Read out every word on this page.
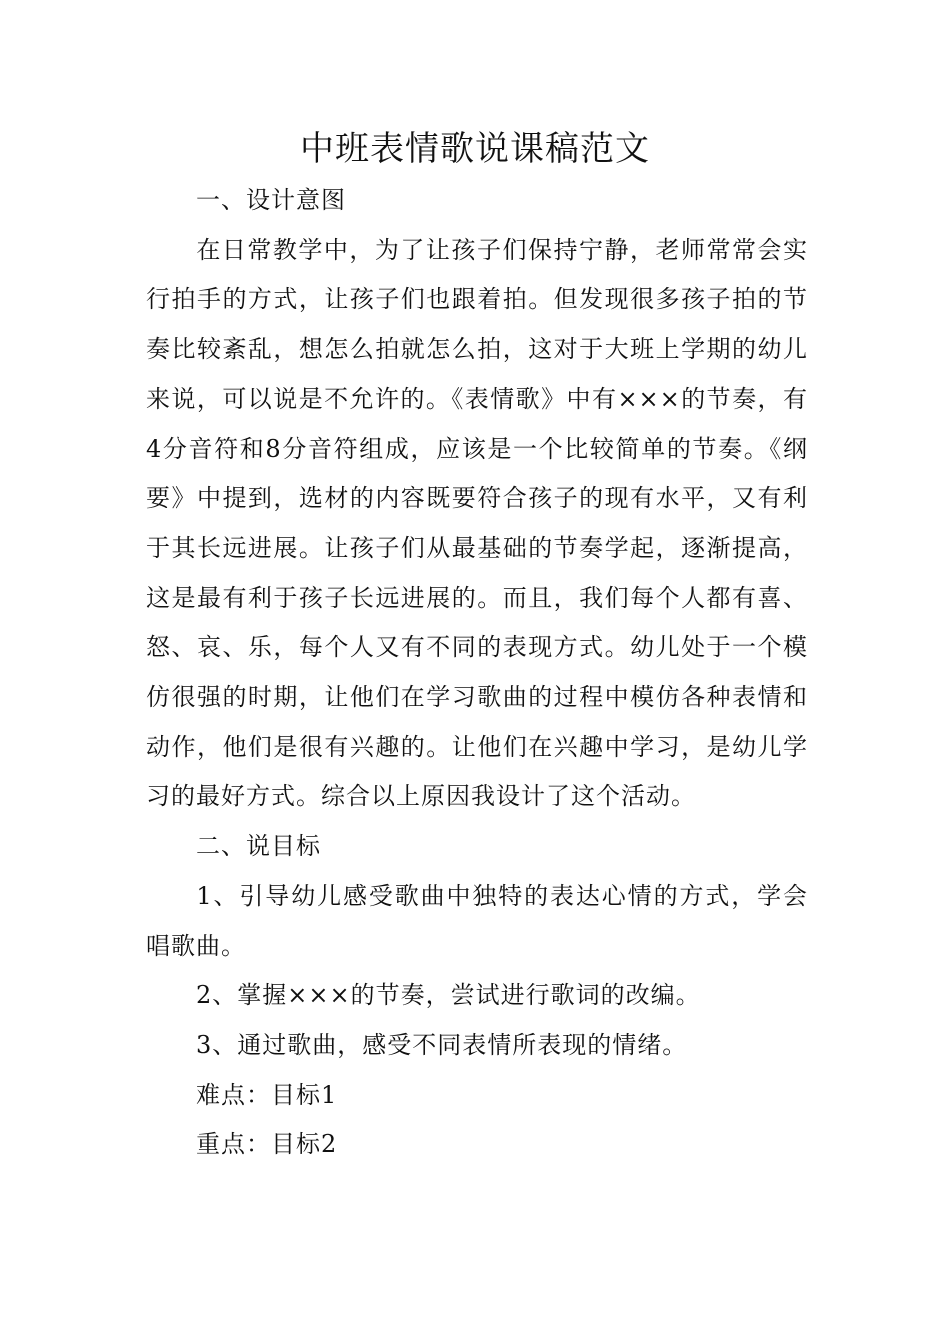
中班表情歌说课稿范文

一、设计意图

在日常教学中，为了让孩子们保持宁静，老师常常会实行拍手的方式，让孩子们也跟着拍。但发现很多孩子拍的节奏比较紊乱，想怎么拍就怎么拍，这对于大班上学期的幼儿来说，可以说是不允许的。《表情歌》中有×××的节奏，有4分音符和8分音符组成，应该是一个比较简单的节奏。《纲要》中提到，选材的内容既要符合孩子的现有水平，又有利于其长远进展。让孩子们从最基础的节奏学起，逐渐提高，这是最有利于孩子长远进展的。而且，我们每个人都有喜、怒、哀、乐，每个人又有不同的表现方式。幼儿处于一个模仿很强的时期，让他们在学习歌曲的过程中模仿各种表情和动作，他们是很有兴趣的。让他们在兴趣中学习，是幼儿学习的最好方式。综合以上原因我设计了这个活动。

二、说目标

1、引导幼儿感受歌曲中独特的表达心情的方式，学会唱歌曲。

2、掌握×××的节奏，尝试进行歌词的改编。

3、通过歌曲，感受不同表情所表现的情绪。

难点：目标1

重点：目标2
